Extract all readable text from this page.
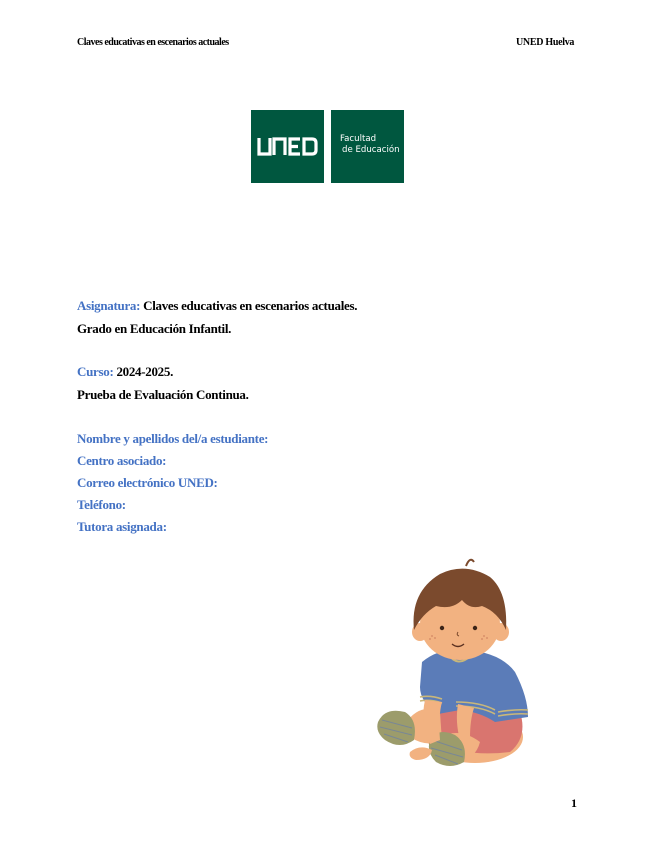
Claves educativas en escenarios actuales	UNED Huelva
Facultad
de Educación
Asignatura: Claves educativas en escenarios actuales.
Grado en Educación Infantil.
Curso: 2024-2025.
Prueba de Evaluación Continua.
Nombre y apellidos del/a estudiante:
Centro asociado:
Correo electrónico UNED:
Teléfono:
Tutora asignada:
1
